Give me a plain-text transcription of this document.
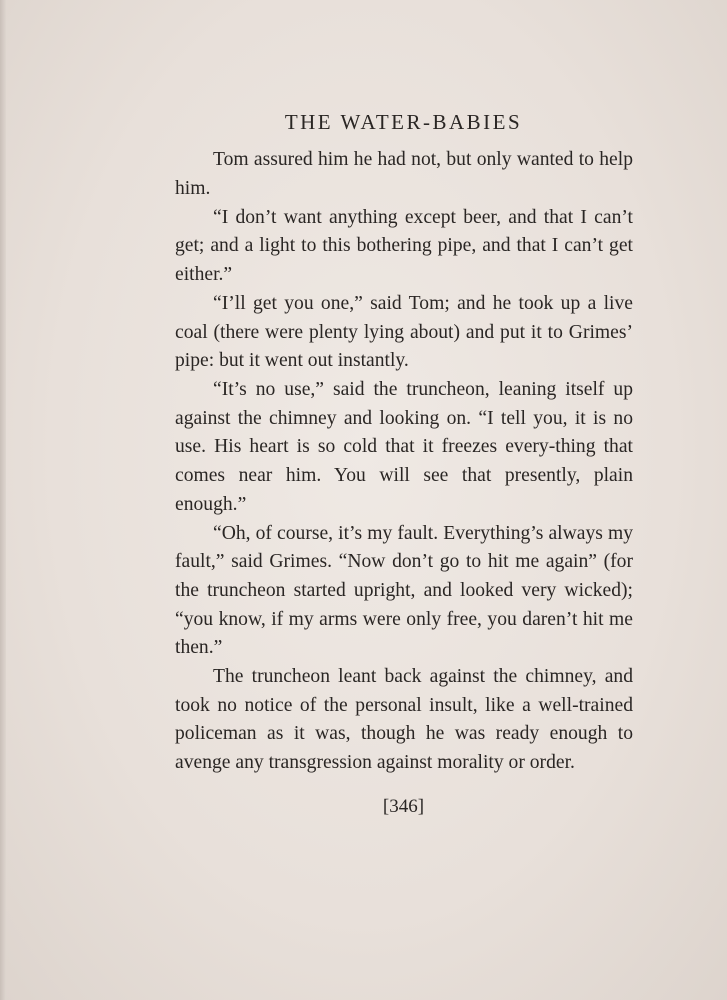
THE WATER-BABIES

Tom assured him he had not, but only wanted to help him.

“I don’t want anything except beer, and that I can’t get; and a light to this bothering pipe, and that I can’t get either.”

“I’ll get you one,” said Tom; and he took up a live coal (there were plenty lying about) and put it to Grimes’ pipe: but it went out instantly.

“It’s no use,” said the truncheon, leaning itself up against the chimney and looking on. “I tell you, it is no use. His heart is so cold that it freezes every-thing that comes near him. You will see that presently, plain enough.”

“Oh, of course, it’s my fault. Everything’s always my fault,” said Grimes. “Now don’t go to hit me again” (for the truncheon started upright, and looked very wicked); “you know, if my arms were only free, you daren’t hit me then.”

The truncheon leant back against the chimney, and took no notice of the personal insult, like a well-trained policeman as it was, though he was ready enough to avenge any transgression against morality or order.

[346]
